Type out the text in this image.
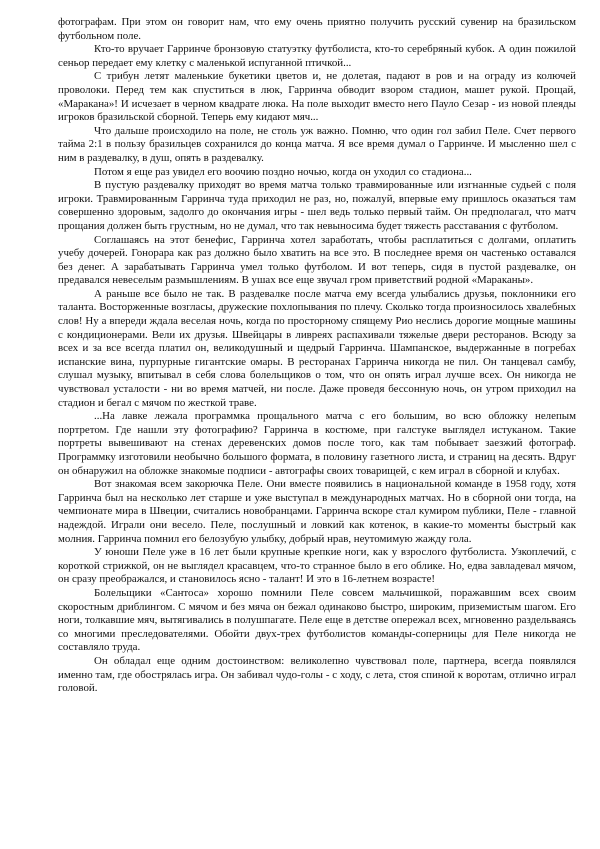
фотографам. При этом он говорит нам, что ему очень приятно получить русский сувенир на бразильском футбольном поле.

Кто-то вручает Гарринче бронзовую статуэтку футболиста, кто-то серебряный кубок. А один пожилой сеньор передает ему клетку с маленькой испуганной птичкой...

С трибун летят маленькие букетики цветов и, не долетая, падают в ров и на ограду из колючей проволоки. Перед тем как спуститься в люк, Гарринча обводит взором стадион, машет рукой. Прощай, «Маракана»! И исчезает в черном квадрате люка. На поле выходит вместо него Пауло Сезар - из новой плеяды игроков бразильской сборной. Теперь ему кидают мяч...

Что дальше происходило на поле, не столь уж важно. Помню, что один гол забил Пеле. Счет первого тайма 2:1 в пользу бразильцев сохранился до конца матча. Я все время думал о Гарринче. И мысленно шел с ним в раздевалку, в душ, опять в раздевалку.

Потом я еще раз увидел его воочию поздно ночью, когда он уходил со стадиона...

В пустую раздевалку приходят во время матча только травмированные или изгнанные судьей с поля игроки. Травмированным Гарринча туда приходил не раз, но, пожалуй, впервые ему пришлось оказаться там совершенно здоровым, задолго до окончания игры - шел ведь только первый тайм. Он предполагал, что матч прощания должен быть грустным, но не думал, что так невыносима будет тяжесть расставания с футболом.

Соглашаясь на этот бенефис, Гарринча хотел заработать, чтобы расплатиться с долгами, оплатить учебу дочерей. Гонорара как раз должно было хватить на все это. В последнее время он частенько оставался без денег. А зарабатывать Гарринча умел только футболом. И вот теперь, сидя в пустой раздевалке, он предавался невеселым размышлениям. В ушах все еще звучал гром приветствий родной «Мараканы».

А раньше все было не так. В раздевалке после матча ему всегда улыбались друзья, поклонники его таланта. Восторженные возгласы, дружеские похлопывания по плечу. Сколько тогда произносилось хвалебных слов! Ну а впереди ждала веселая ночь, когда по просторному спящему Рио неслись дорогие мощные машины с кондиционерами. Вели их друзья. Швейцары в ливреях распахивали тяжелые двери ресторанов. Всюду за всех и за все всегда платил он, великодушный и щедрый Гарринча. Шампанское, выдержанные в погребах испанские вина, пурпурные гигантские омары. В ресторанах Гарринча никогда не пил. Он танцевал самбу, слушал музыку, впитывал в себя слова болельщиков о том, что он опять играл лучше всех. Он никогда не чувствовал усталости - ни во время матчей, ни после. Даже проведя бессонную ночь, он утром приходил на стадион и бегал с мячом по жесткой траве.

...На лавке лежала программка прощального матча с его большим, во всю обложку нелепым портретом. Где нашли эту фотографию? Гарринча в костюме, при галстуке выглядел истуканом. Такие портреты вывешивают на стенах деревенских домов после того, как там побывает заезжий фотограф. Программку изготовили необычно большого формата, в половину газетного листа, и страниц на десять. Вдруг он обнаружил на обложке знакомые подписи - автографы своих товарищей, с кем играл в сборной и клубах.

Вот знакомая всем закорючка Пеле. Они вместе появились в национальной команде в 1958 году, хотя Гарринча был на несколько лет старше и уже выступал в международных матчах. Но в сборной они тогда, на чемпионате мира в Швеции, считались новобранцами. Гарринча вскоре стал кумиром публики, Пеле - главной надеждой. Играли они весело. Пеле, послушный и ловкий как котенок, в какие-то моменты быстрый как молния. Гарринча помнил его белозубую улыбку, добрый нрав, неутомимую жажду гола.

У юноши Пеле уже в 16 лет были крупные крепкие ноги, как у взрослого футболиста. Узкоплечий, с короткой стрижкой, он не выглядел красавцем, что-то странное было в его облике. Но, едва завладевал мячом, он сразу преображался, и становилось ясно - талант! И это в 16-летнем возрасте!

Болельщики «Сантоса» хорошо помнили Пеле совсем мальчишкой, поражавшим всех своим скоростным дриблингом. С мячом и без мяча он бежал одинаково быстро, широким, приземистым шагом. Его ноги, толкавшие мяч, вытягивались в полушпагате. Пеле еще в детстве опережал всех, мгновенно раздельваясь со многими преследователями. Обойти двух-трех футболистов команды-соперницы для Пеле никогда не составляло труда.

Он обладал еще одним достоинством: великолепно чувствовал поле, партнера, всегда появлялся именно там, где обострялась игра. Он забивал чудо-голы - с ходу, с лета, стоя спиной к воротам, отлично играл головой.
